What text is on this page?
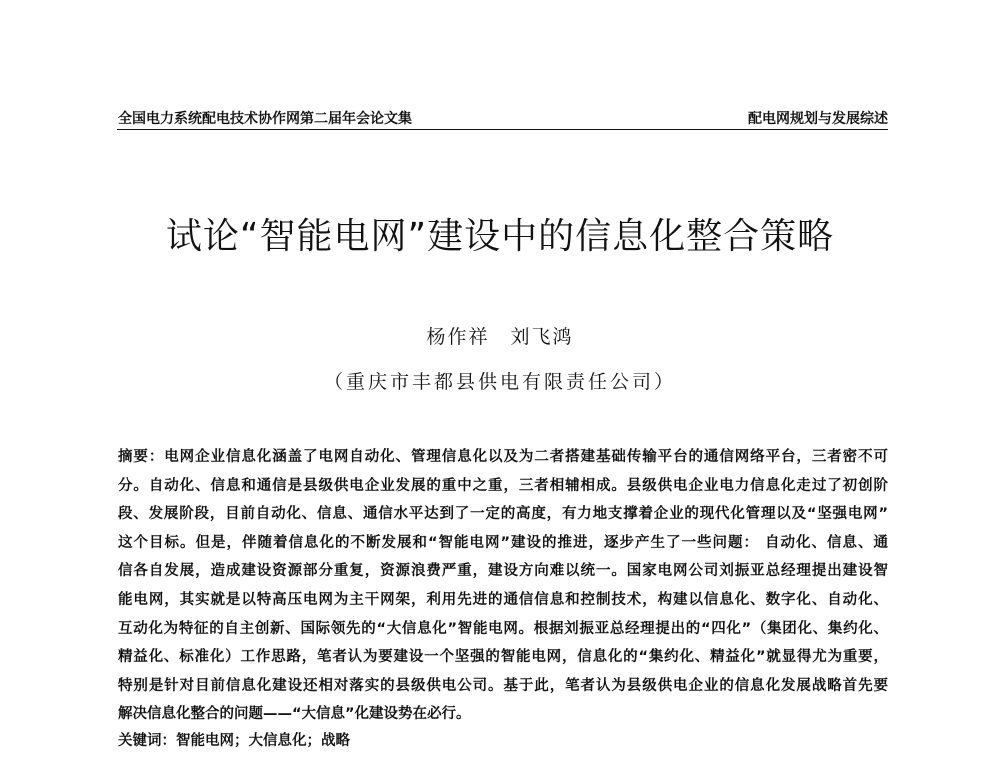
全国电力系统配电技术协作网第二届年会论文集	配电网规划与发展综述
试论“智能电网”建设中的信息化整合策略
杨作祥　刘飞鸿
（重庆市丰都县供电有限责任公司）
摘要：电网企业信息化涵盖了电网自动化、管理信息化以及为二者搭建基础传输平台的通信网络平台，三者密不可
分。自动化、信息和通信是县级供电企业发展的重中之重，三者相辅相成。县级供电企业电力信息化走过了初创阶
段、发展阶段，目前自动化、信息、通信水平达到了一定的高度，有力地支撑着企业的现代化管理以及“坚强电网”
这个目标。但是，伴随着信息化的不断发展和“智能电网”建设的推进，逐步产生了一些问题： 自动化、信息、通
信各自发展，造成建设资源部分重复，资源浪费严重，建设方向难以统一。国家电网公司刘振亚总经理提出建设智
能电网，其实就是以特高压电网为主干网架，利用先进的通信信息和控制技术，构建以信息化、数字化、自动化、
互动化为特征的自主创新、国际领先的“大信息化”智能电网。根据刘振亚总经理提出的“四化”（集团化、集约化、
精益化、标准化）工作思路，笔者认为要建设一个坚强的智能电网，信息化的“集约化、精益化”就显得尤为重要，
特别是针对目前信息化建设还相对落实的县级供电公司。基于此，笔者认为县级供电企业的信息化发展战略首先要
解决信息化整合的问题——“大信息”化建设势在必行。
关键词：智能电网；大信息化；战略
